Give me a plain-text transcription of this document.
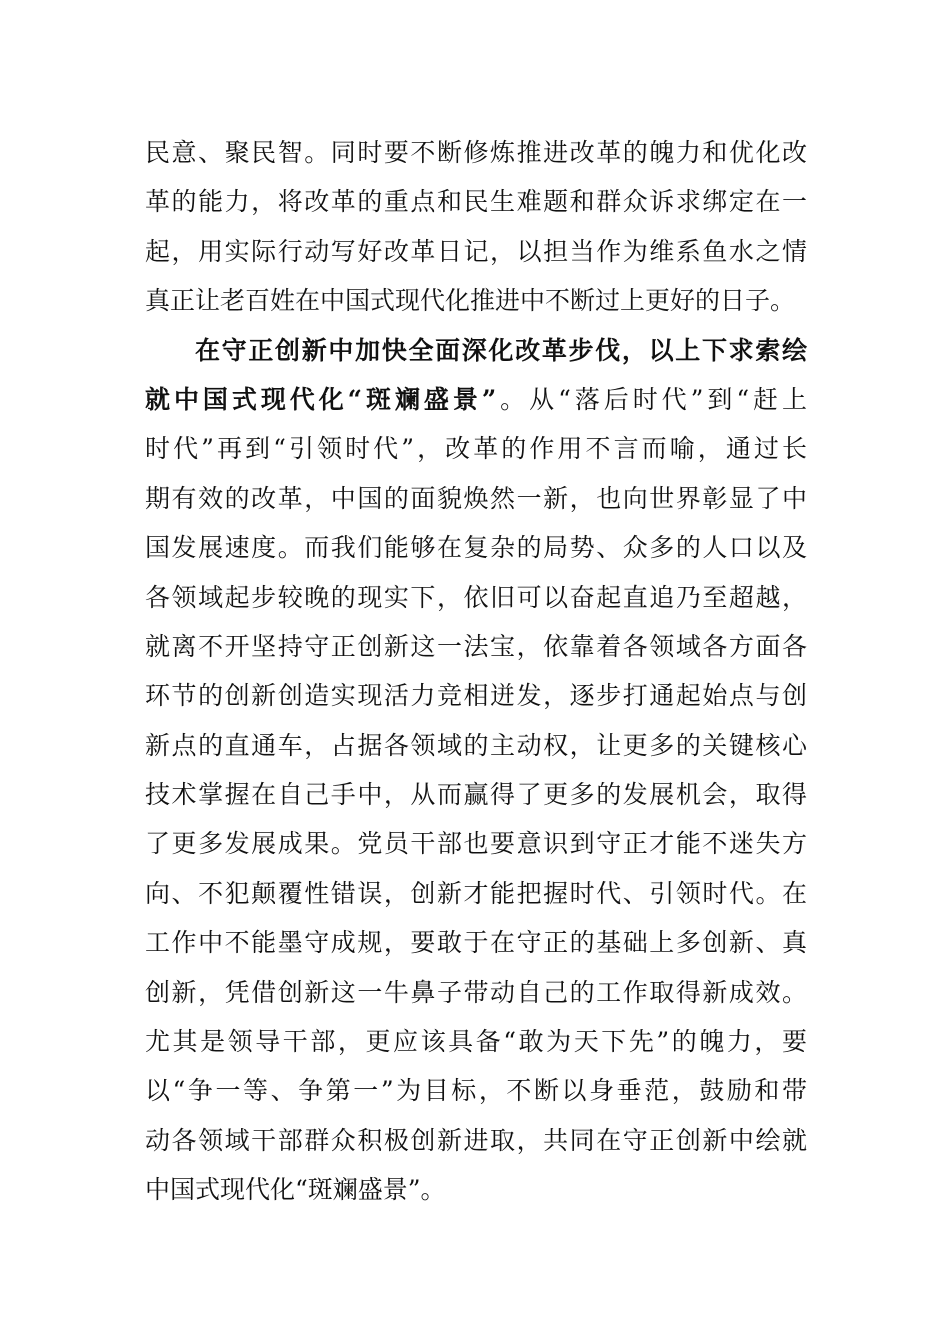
民意、聚民智。同时要不断修炼推进改革的魄力和优化改
革的能力，将改革的重点和民生难题和群众诉求绑定在一
起，用实际行动写好改革日记，以担当作为维系鱼水之情
真正让老百姓在中国式现代化推进中不断过上更好的日子。
在守正创新中加快全面深化改革步伐，以上下求索绘
就中国式现代化“斑斓盛景”。从“落后时代”到“赶上
时代”再到“引领时代”，改革的作用不言而喻，通过长
期有效的改革，中国的面貌焕然一新，也向世界彰显了中
国发展速度。而我们能够在复杂的局势、众多的人口以及
各领域起步较晚的现实下，依旧可以奋起直追乃至超越，
就离不开坚持守正创新这一法宝，依靠着各领域各方面各
环节的创新创造实现活力竞相迸发，逐步打通起始点与创
新点的直通车，占据各领域的主动权，让更多的关键核心
技术掌握在自己手中，从而赢得了更多的发展机会，取得
了更多发展成果。党员干部也要意识到守正才能不迷失方
向、不犯颠覆性错误，创新才能把握时代、引领时代。在
工作中不能墨守成规，要敢于在守正的基础上多创新、真
创新，凭借创新这一牛鼻子带动自己的工作取得新成效。
尤其是领导干部，更应该具备“敢为天下先”的魄力，要
以“争一等、争第一”为目标，不断以身垂范，鼓励和带
动各领域干部群众积极创新进取，共同在守正创新中绘就
中国式现代化“斑斓盛景”。
